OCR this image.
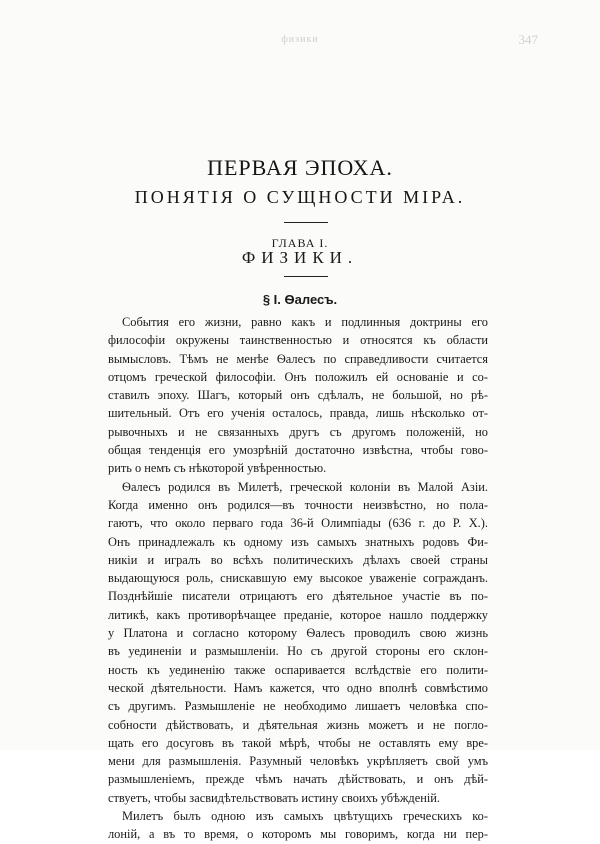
физики	347
ПЕРВАЯ ЭПОХА.
ПОНЯТІЯ О СУЩНОСТИ МІРА.
ГЛАВА I.
ФИЗИКИ.
§ I. Ѳалесъ.
События его жизни, равно какъ и подлинныя доктрины его
философіи окружены таинственностью и относятся къ области
вымысловъ. Тѣмъ не менѣе Ѳалесъ по справедливости считается
отцомъ греческой философіи. Онъ положилъ ей основаніе и со-
ставилъ эпоху. Шагъ, который онъ сдѣлалъ, не большой, но рѣ-
шительный. Отъ его ученія осталось, правда, лишь нѣсколько от-
рывочныхъ и не связанныхъ другъ съ другомъ положеній, но
общая тенденція его умозрѣній достаточно извѣстна, чтобы гово-
рить о немъ съ нѣкоторой увѣренностью.
Ѳалесъ родился въ Милетѣ, греческой колоніи въ Малой Азіи.
Когда именно онъ родился—въ точности неизвѣстно, но пола-
гаютъ, что около перваго года 36-й Олимпіады (636 г. до Р. Х.).
Онъ принадлежалъ къ одному изъ самыхъ знатныхъ родовъ Фи-
никіи и игралъ во всѣхъ политическихъ дѣлахъ своей страны
выдающуюся роль, снискавшую ему высокое уваженіе согражданъ.
Позднѣйшіе писатели отрицаютъ его дѣятельное участіе въ по-
литикѣ, какъ противорѣчащее преданіе, которое нашло поддержку
у Платона и согласно которому Ѳалесъ проводилъ свою жизнь
въ уединеніи и размышленіи. Но съ другой стороны его склон-
ность къ уединенію также оспаривается вслѣдствіе его полити-
ческой дѣятельности. Намъ кажется, что одно вполнѣ совмѣстимо
съ другимъ. Размышленіе не необходимо лишаетъ человѣка спо-
собности дѣйствовать, и дѣятельная жизнь можетъ и не погло-
щать его досуговъ въ такой мѣрѣ, чтобы не оставлять ему вре-
мени для размышленія. Разумный человѣкъ укрѣпляетъ свой умъ
размышленіемъ, прежде чѣмъ начать дѣйствовать, и онъ дѣй-
ствуетъ, чтобы засвидѣтельствовать истину своихъ убѣжденій.
Милетъ былъ одною изъ самыхъ цвѣтущихъ греческихъ ко-
лоній, а въ то время, о которомъ мы говоримъ, когда ни пер-
